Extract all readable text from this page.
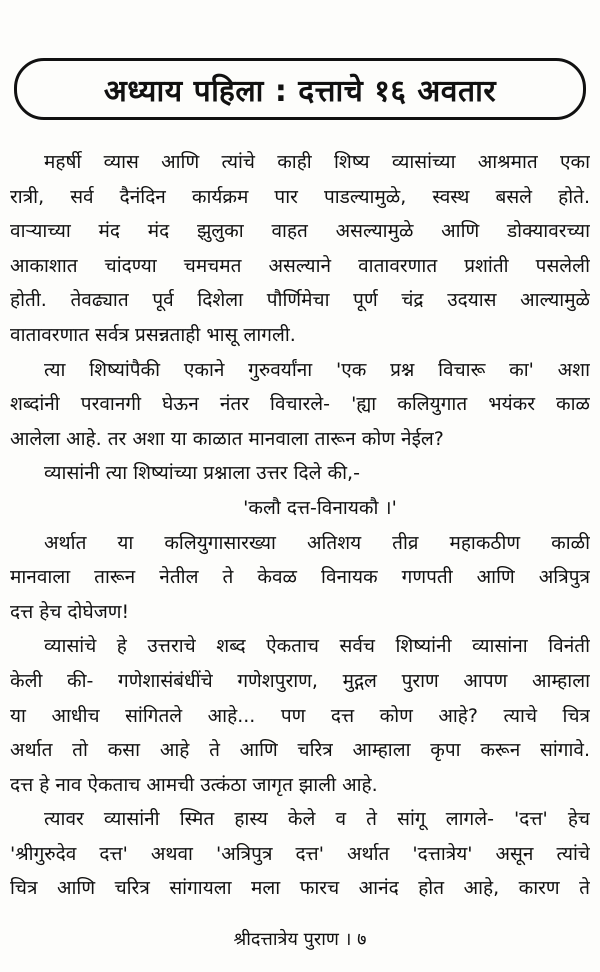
अध्याय पहिला : दत्ताचे १६ अवतार
महर्षी व्यास आणि त्यांचे काही शिष्य व्यासांच्या आश्रमात एका
रात्री, सर्व दैनंदिन कार्यक्रम पार पाडल्यामुळे, स्वस्थ बसले होते.
वाऱ्याच्या मंद मंद झुलुका वाहत असल्यामुळे आणि डोक्यावरच्या
आकाशात चांदण्या चमचमत असल्याने वातावरणात प्रशांती पसलेली
होती. तेवढ्यात पूर्व दिशेला पौर्णिमेचा पूर्ण चंद्र उदयास आल्यामुळे
वातावरणात सर्वत्र प्रसन्नताही भासू लागली.
त्या शिष्यांपैकी एकाने गुरुवर्यांना 'एक प्रश्न विचारू का' अशा
शब्दांनी परवानगी घेऊन नंतर विचारले- 'ह्या कलियुगात भयंकर काळ
आलेला आहे. तर अशा या काळात मानवाला तारून कोण नेईल?
व्यासांनी त्या शिष्यांच्या प्रश्नाला उत्तर दिले की,-
'कलौ दत्त-विनायकौ ।'
अर्थात या कलियुगासारख्या अतिशय तीव्र महाकठीण काळी
मानवाला तारून नेतील ते केवळ विनायक गणपती आणि अत्रिपुत्र
दत्त हेच दोघेजण!
व्यासांचे हे उत्तराचे शब्द ऐकताच सर्वच शिष्यांनी व्यासांना विनंती
केली की- गणेशासंबंधींचे गणेशपुराण, मुद्गल पुराण आपण आम्हाला
या आधीच सांगितले आहे... पण दत्त कोण आहे? त्याचे चित्र
अर्थात तो कसा आहे ते आणि चरित्र आम्हाला कृपा करून सांगावे.
दत्त हे नाव ऐकताच आमची उत्कंठा जागृत झाली आहे.
त्यावर व्यासांनी स्मित हास्य केले व ते सांगू लागले- 'दत्त' हेच
'श्रीगुरुदेव दत्त' अथवा 'अत्रिपुत्र दत्त' अर्थात 'दत्तात्रेय' असून त्यांचे
चित्र आणि चरित्र सांगायला मला फारच आनंद होत आहे, कारण ते
श्रीदत्तात्रेय पुराण । ७
